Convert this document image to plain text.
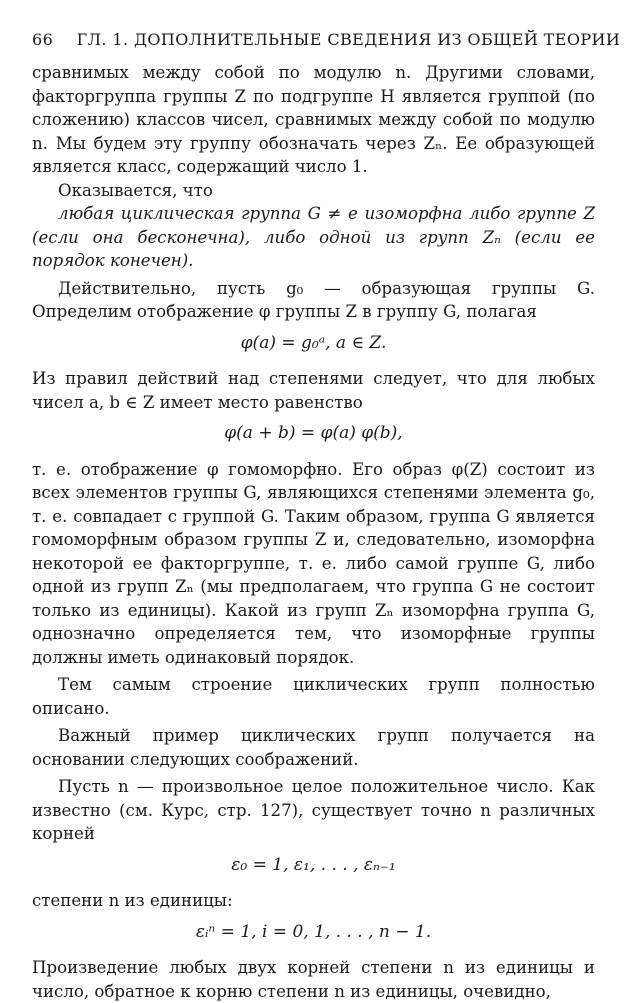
66 ГЛ. 1. ДОПОЛНИТЕЛЬНЫЕ СВЕДЕНИЯ ИЗ ОБЩЕЙ ТЕОРИИ

сравнимых между собой по модулю n. Другими словами, факторгруппа группы Z по подгруппе H является группой (по сложению) классов чисел, сравнимых между собой по модулю n. Мы будем эту группу обозначать через Zₙ. Ее образующей является класс, содержащий число 1.

Оказывается, что

любая циклическая группа G ≠ e изоморфна либо группе Z (если она бесконечна), либо одной из групп Zₙ (если ее порядок конечен).

Действительно, пусть g₀ — образующая группы G. Определим отображение φ группы Z в группу G, полагая

φ(a) = g₀ᵃ, a ∈ Z.

Из правил действий над степенями следует, что для любых чисел a, b ∈ Z имеет место равенство

φ(a + b) = φ(a) φ(b),

т. е. отображение φ гомоморфно. Его образ φ(Z) состоит из всех элементов группы G, являющихся степенями элемента g₀, т. е. совпадает с группой G. Таким образом, группа G является гомоморфным образом группы Z и, следовательно, изоморфна некоторой ее факторгруппе, т. е. либо самой группе G, либо одной из групп Zₙ (мы предполагаем, что группа G не состоит только из единицы). Какой из групп Zₙ изоморфна группа G, однозначно определяется тем, что изоморфные группы должны иметь одинаковый порядок.

Тем самым строение циклических групп полностью описано.

Важный пример циклических групп получается на основании следующих соображений.

Пусть n — произвольное целое положительное число. Как известно (см. Курс, стр. 127), существует точно n различных корней

ε₀ = 1, ε₁, . . . , εₙ₋₁

степени n из единицы:

εᵢⁿ = 1, i = 0, 1, . . . , n − 1.

Произведение любых двух корней степени n из единицы и число, обратное к корню степени n из единицы, очевидно,
